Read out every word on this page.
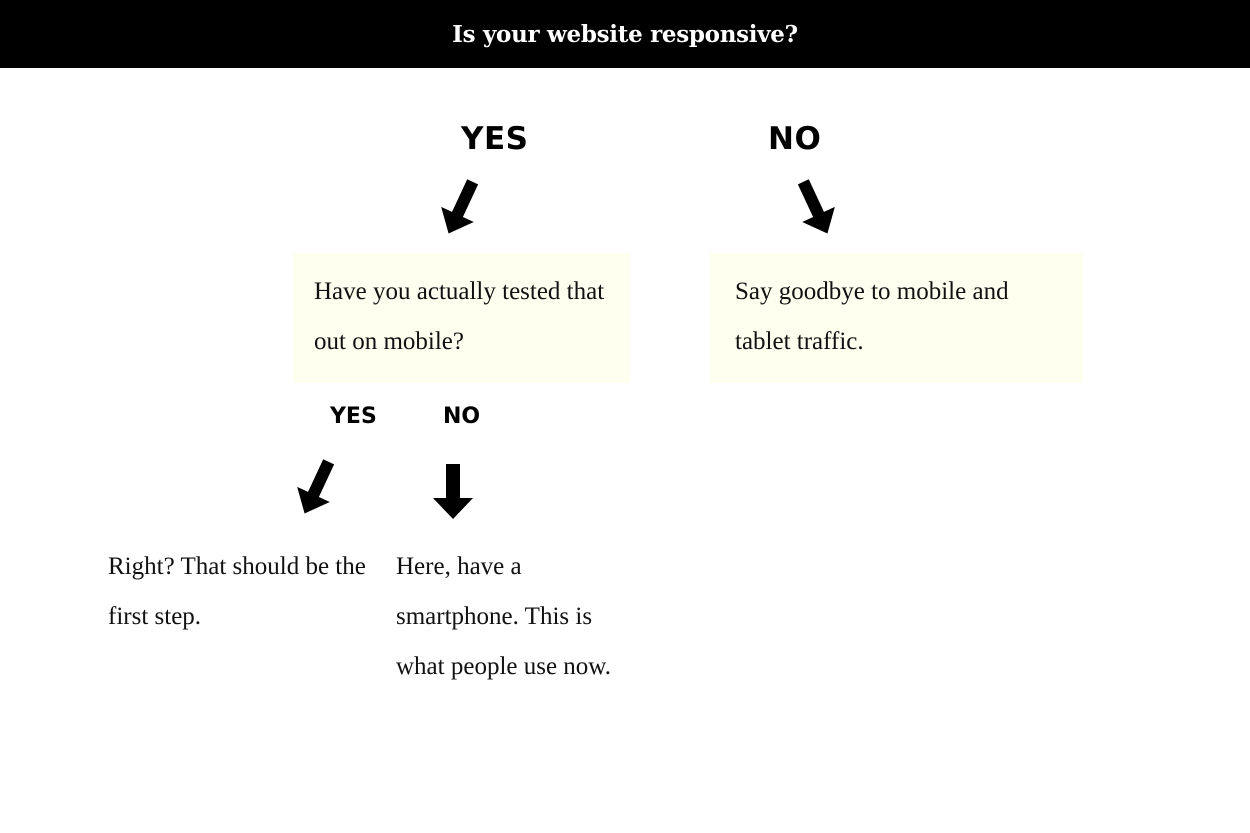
Is your website responsive?
YES	NO
Have you actually tested that out on mobile?
Say goodbye to mobile and tablet traffic.
YES	NO
Right? That should be the first step.
Here, have a smartphone. This is what people use now.
